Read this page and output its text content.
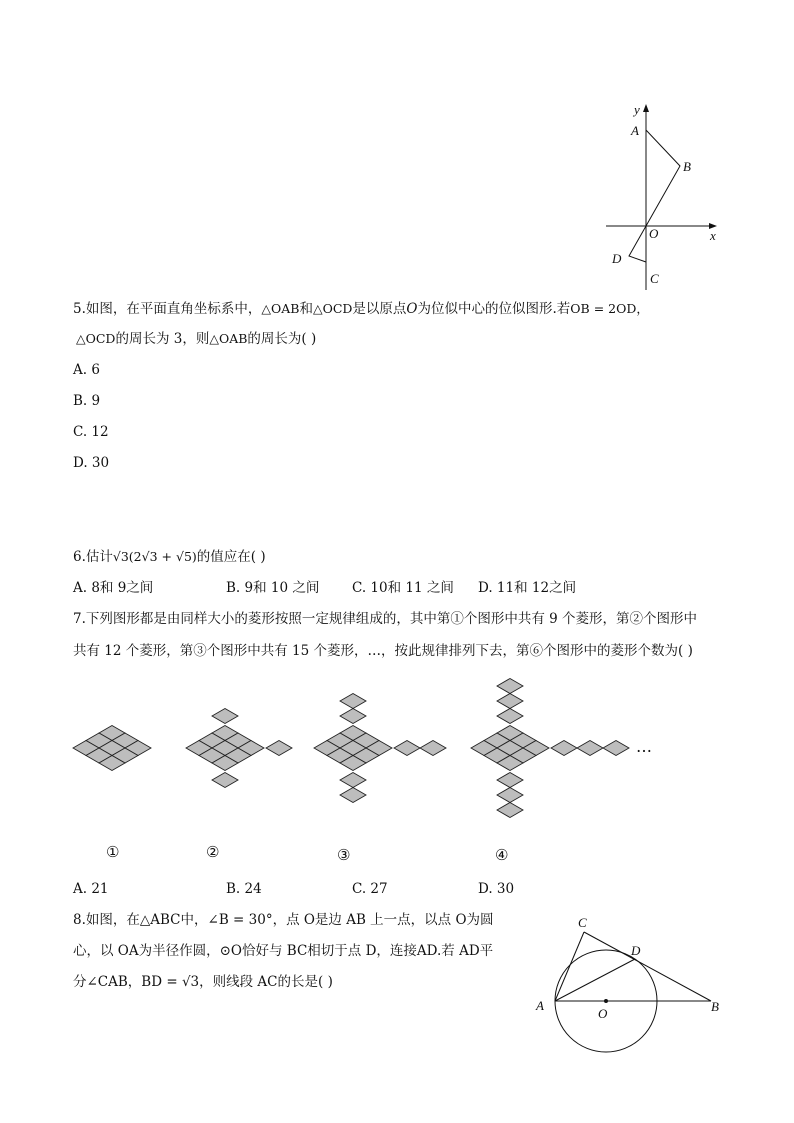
y
A
B
O	x
D
C
5.如图，在平面直角坐标系中，△OAB和△OCD是以原点O为位似中心的位似图形.若OB = 2OD，
△OCD的周长为 3，则△OAB的周长为( )
A. 6
B. 9
C. 12
D. 30
6.估计√3(2√3 + √5)的值应在( )
A. 8和 9之间	B. 9和 10 之间 C. 10和 11 之间 D. 11和 12之间
7.下列图形都是由同样大小的菱形按照一定规律组成的，其中第①个图形中共有 9 个菱形，第②个图形中
共有 12 个菱形，第③个图形中共有 15 个菱形，…，按此规律排列下去，第⑥个图形中的菱形个数为( )
…
①	②	③	④
A. 21	B. 24	C. 27	D. 30
8.如图，在△ABC中，∠B = 30°，点 O是边 AB 上一点，以点 O为圆
心，以 OA为半径作圆，⊙O恰好与 BC相切于点 D，连接AD.若 AD平
分∠CAB，BD = √3，则线段 AC的长是( )
C
D
A
O	B
